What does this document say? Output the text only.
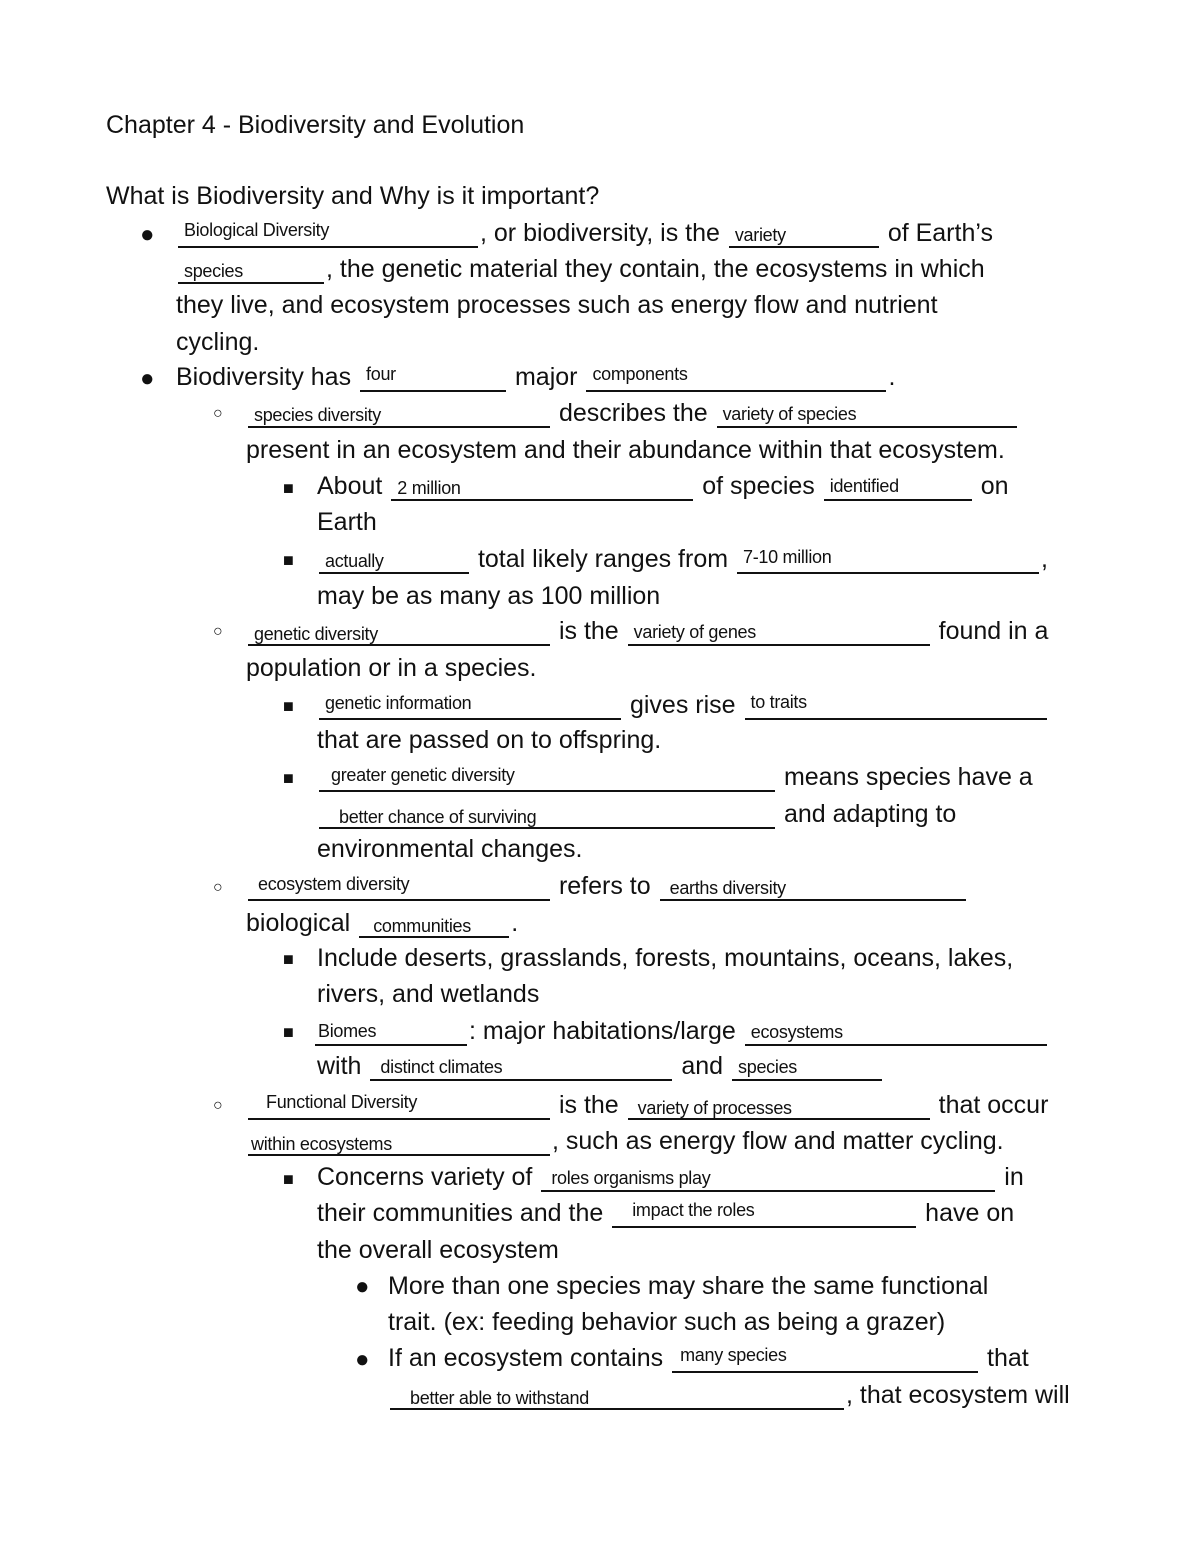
Chapter 4 - Biodiversity and Evolution
What is Biodiversity and Why is it important?
● Biological Diversity	, or biodiversity, is the variety	of Earth’s
species	, the genetic material they contain, the ecosystems in which
they live, and ecosystem processes such as energy flow and nutrient
cycling.
● Biodiversity has four	major components	.
○ species diversity	describes the variety of species
present in an ecosystem and their abundance within that ecosystem.
■ About 2 million	of species identified	on
Earth
■ actually	total likely ranges from 7-10 million	,
may be as many as 100 million
○ genetic diversity	is the variety of genes	found in a
population or in a species.
■ genetic information	gives rise to traits
that are passed on to offspring.
■ greater genetic diversity	means species have a
better chance of surviving	and adapting to
environmental changes.
○ ecosystem diversity	refers to earths diversity
biological communities .
■ Include deserts, grasslands, forests, mountains, oceans, lakes,
rivers, and wetlands
■ Biomes	: major habitations/large ecosystems
with distinct climates	and species
○ Functional Diversity	is the variety of processes	that occur
within ecosystems	, such as energy flow and matter cycling.
■ Concerns variety of roles organisms play	in
their communities and the impact the roles	have on
the overall ecosystem
● More than one species may share the same functional
trait. (ex: feeding behavior such as being a grazer)
● If an ecosystem contains many species	that
better able to withstand	, that ecosystem will
